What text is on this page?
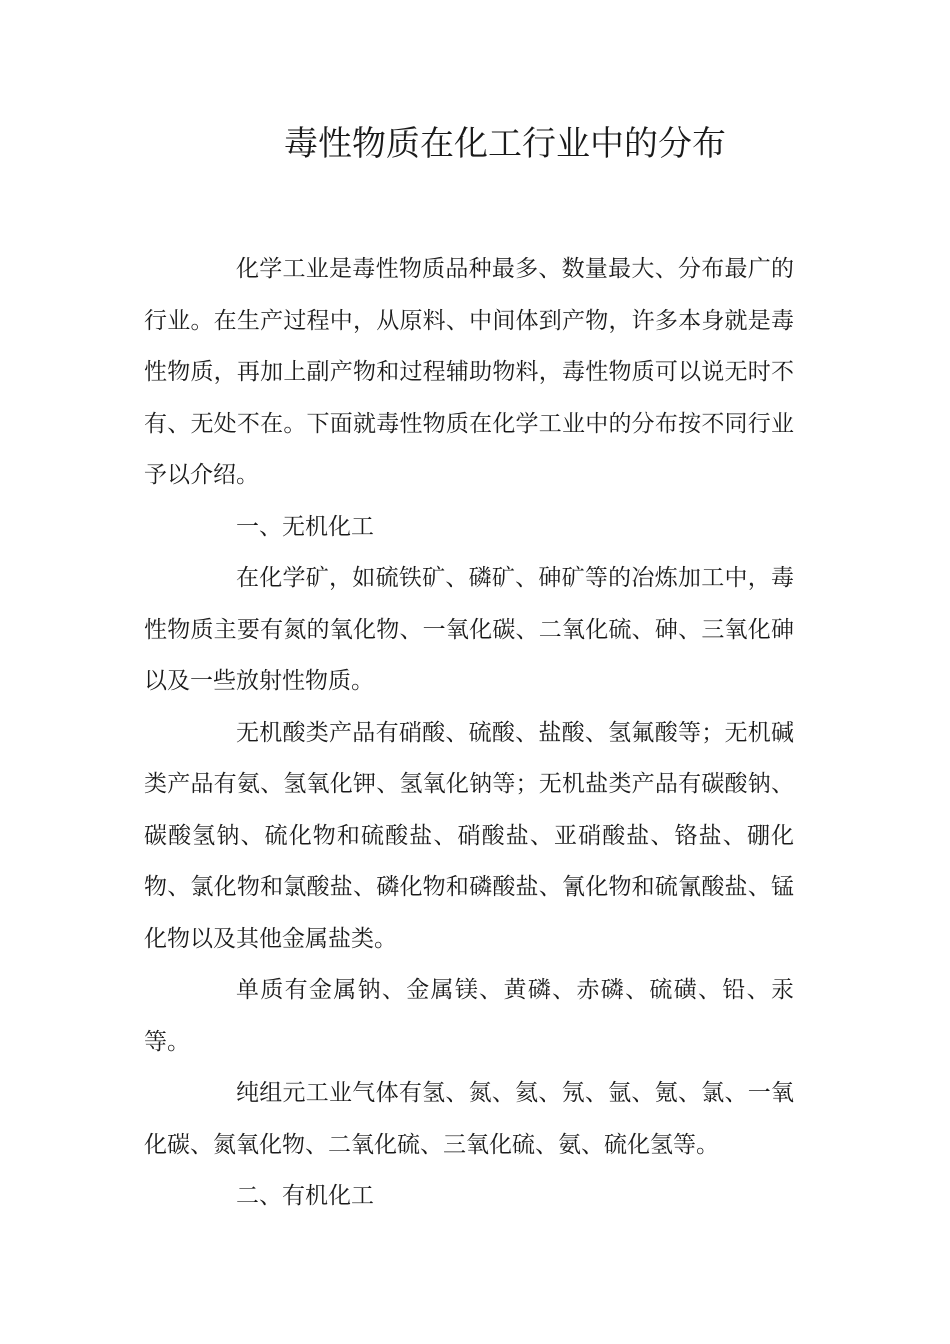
毒性物质在化工行业中的分布

化学工业是毒性物质品种最多、数量最大、分布最广的行业。在生产过程中，从原料、中间体到产物，许多本身就是毒性物质，再加上副产物和过程辅助物料，毒性物质可以说无时不有、无处不在。下面就毒性物质在化学工业中的分布按不同行业予以介绍。

一、无机化工

在化学矿，如硫铁矿、磷矿、砷矿等的冶炼加工中，毒性物质主要有氮的氧化物、一氧化碳、二氧化硫、砷、三氧化砷以及一些放射性物质。

无机酸类产品有硝酸、硫酸、盐酸、氢氟酸等；无机碱类产品有氨、氢氧化钾、氢氧化钠等；无机盐类产品有碳酸钠、碳酸氢钠、硫化物和硫酸盐、硝酸盐、亚硝酸盐、铬盐、硼化物、氯化物和氯酸盐、磷化物和磷酸盐、氰化物和硫氰酸盐、锰化物以及其他金属盐类。

单质有金属钠、金属镁、黄磷、赤磷、硫磺、铅、汞等。

纯组元工业气体有氢、氮、氦、氖、氩、氪、氯、一氧化碳、氮氧化物、二氧化硫、三氧化硫、氨、硫化氢等。

二、有机化工
